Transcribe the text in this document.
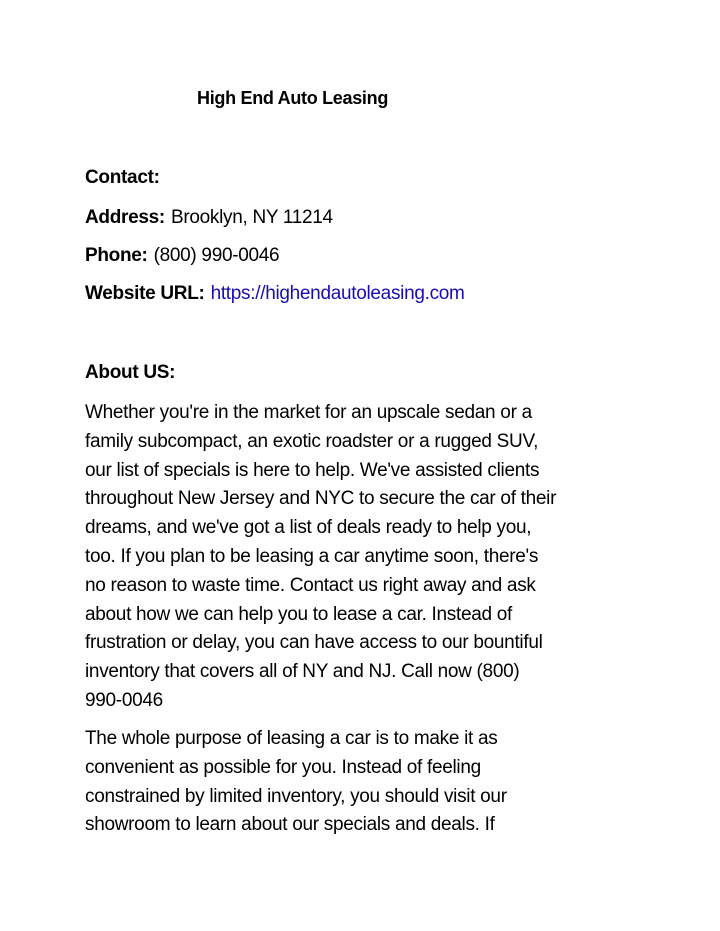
High End Auto Leasing
Contact:
Address: Brooklyn, NY 11214
Phone: (800) 990-0046
Website URL: https://highendautoleasing.com
About US:

Whether you're in the market for an upscale sedan or a
family subcompact, an exotic roadster or a rugged SUV,
our list of specials is here to help. We've assisted clients
throughout New Jersey and NYC to secure the car of their
dreams, and we've got a list of deals ready to help you,
too. If you plan to be leasing a car anytime soon, there's
no reason to waste time. Contact us right away and ask
about how we can help you to lease a car. Instead of
frustration or delay, you can have access to our bountiful
inventory that covers all of NY and NJ. Call now (800)
990-0046

The whole purpose of leasing a car is to make it as
convenient as possible for you. Instead of feeling
constrained by limited inventory, you should visit our
showroom to learn about our specials and deals. If
